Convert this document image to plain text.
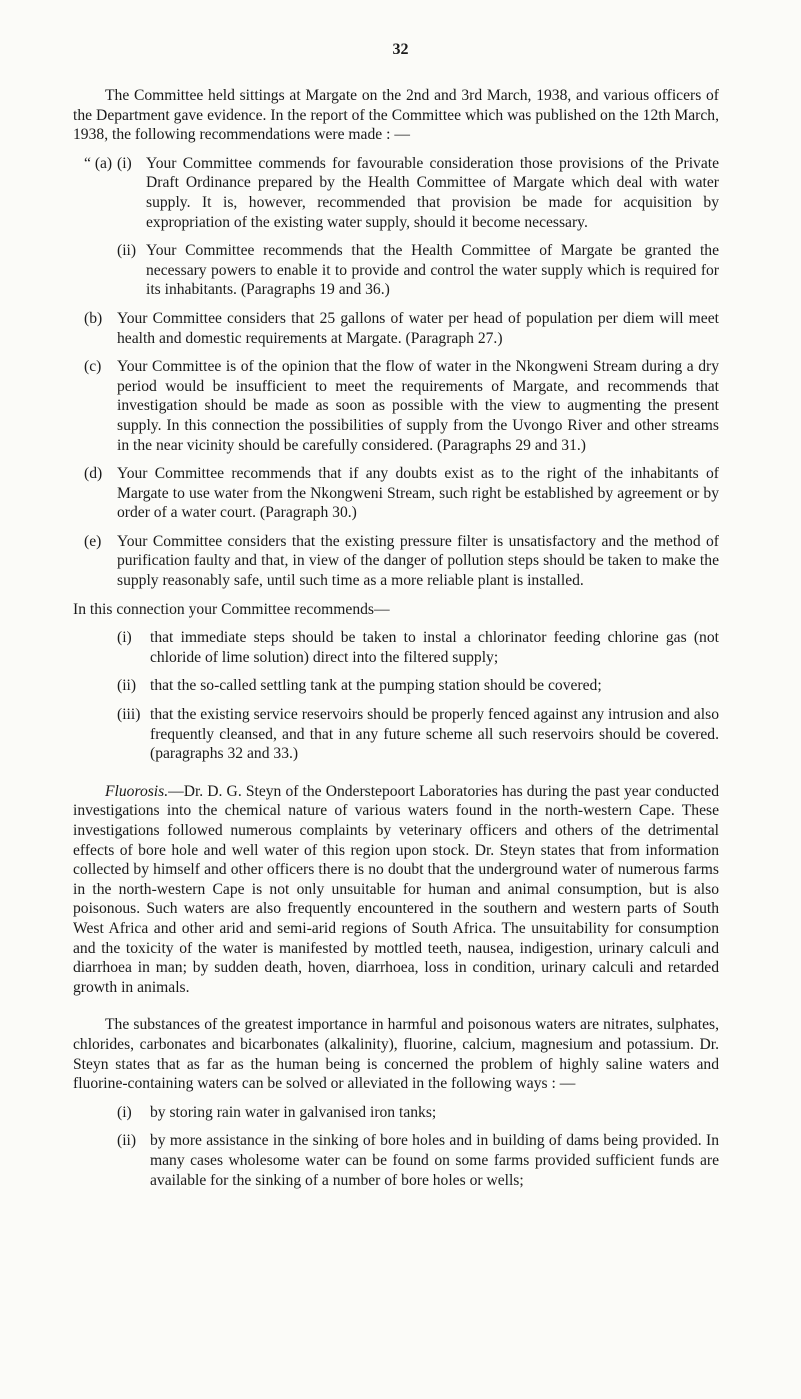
32

The Committee held sittings at Margate on the 2nd and 3rd March, 1938, and various officers of the Department gave evidence. In the report of the Committee which was published on the 12th March, 1938, the following recommendations were made : —

“ (a) (i) Your Committee commends for favourable consideration those provisions of the Private Draft Ordinance prepared by the Health Committee of Margate which deal with water supply. It is, however, recommended that provision be made for acquisition by expropriation of the existing water supply, should it become necessary.
(ii) Your Committee recommends that the Health Committee of Margate be granted the necessary powers to enable it to provide and control the water supply which is required for its inhabitants. (Paragraphs 19 and 36.)
(b) Your Committee considers that 25 gallons of water per head of population per diem will meet health and domestic requirements at Margate. (Paragraph 27.)
(c)	Your Committee is of the opinion that the flow of water in the Nkongweni Stream during a dry period would be insufficient to meet the requirements of Margate, and recommends that investigation should be made as soon as possible with the view to augmenting the present supply. In this connection the possibilities of supply from the Uvongo River and other streams in the near vicinity should be carefully considered. (Paragraphs 29 and 31.)
(d) Your Committee recommends that if any doubts exist as to the right of the inhabitants of Margate to use water from the Nkongweni Stream, such right be established by agreement or by order of a water court. (Paragraph 30.)
(e)	Your Committee considers that the existing pressure filter is unsatisfactory and the method of purification faulty and that, in view of the danger of pollution steps should be taken to make the supply reasonably safe, until such time as a more reliable plant is installed.

In this connection your Committee recommends—

(i)	that immediate steps should be taken to instal a chlorinator feeding chlorine gas (not chloride of lime solution) direct into the filtered supply;
(ii) that the so-called settling tank at the pumping station should be covered;
(iii) that the existing service reservoirs should be properly fenced against any intrusion and also frequently cleansed, and that in any future scheme all such reservoirs should be covered. (paragraphs 32 and 33.)

Fluorosis.—Dr. D. G. Steyn of the Onderstepoort Laboratories has during the past year conducted investigations into the chemical nature of various waters found in the north-western Cape. These investigations followed numerous complaints by veterinary officers and others of the detrimental effects of bore hole and well water of this region upon stock. Dr. Steyn states that from information collected by himself and other officers there is no doubt that the underground water of numerous farms in the north-western Cape is not only unsuitable for human and animal consumption, but is also poisonous. Such waters are also frequently encountered in the southern and western parts of South West Africa and other arid and semi-arid regions of South Africa. The unsuitability for consumption and the toxicity of the water is manifested by mottled teeth, nausea, indigestion, urinary calculi and diarrhoea in man; by sudden death, hoven, diarrhoea, loss in condition, urinary calculi and retarded growth in animals.

The substances of the greatest importance in harmful and poisonous waters are nitrates, sulphates, chlorides, carbonates and bicarbonates (alkalinity), fluorine, calcium, magnesium and potassium. Dr. Steyn states that as far as the human being is concerned the problem of highly saline waters and fluorine-containing waters can be solved or alleviated in the following ways : —

(i)	by storing rain water in galvanised iron tanks;
(ii) by more assistance in the sinking of bore holes and in building of dams being provided. In many cases wholesome water can be found on some farms provided sufficient funds are available for the sinking of a number of bore holes or wells;
